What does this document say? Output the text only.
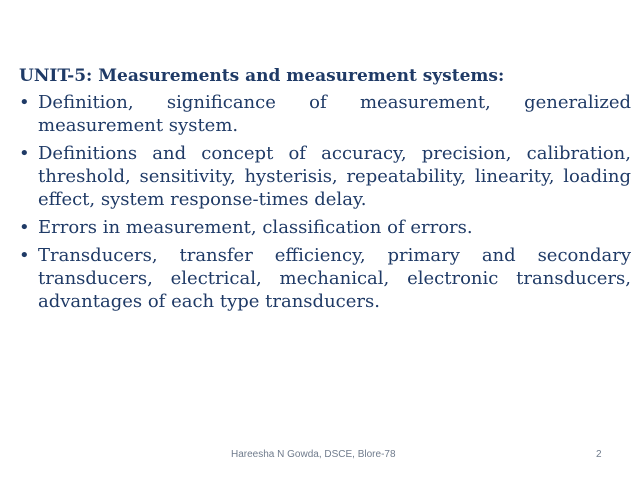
UNIT-5: Measurements and measurement systems:
• Definition, significance of measurement, generalized measurement system.
• Definitions and concept of accuracy, precision, calibration, threshold, sensitivity, hysterisis, repeatability, linearity, loading effect, system response-times delay.
• Errors in measurement, classification of errors.
• Transducers, transfer efficiency, primary and secondary transducers, electrical, mechanical, electronic transducers, advantages of each type transducers.
Hareesha N Gowda, DSCE, Blore-78	2
